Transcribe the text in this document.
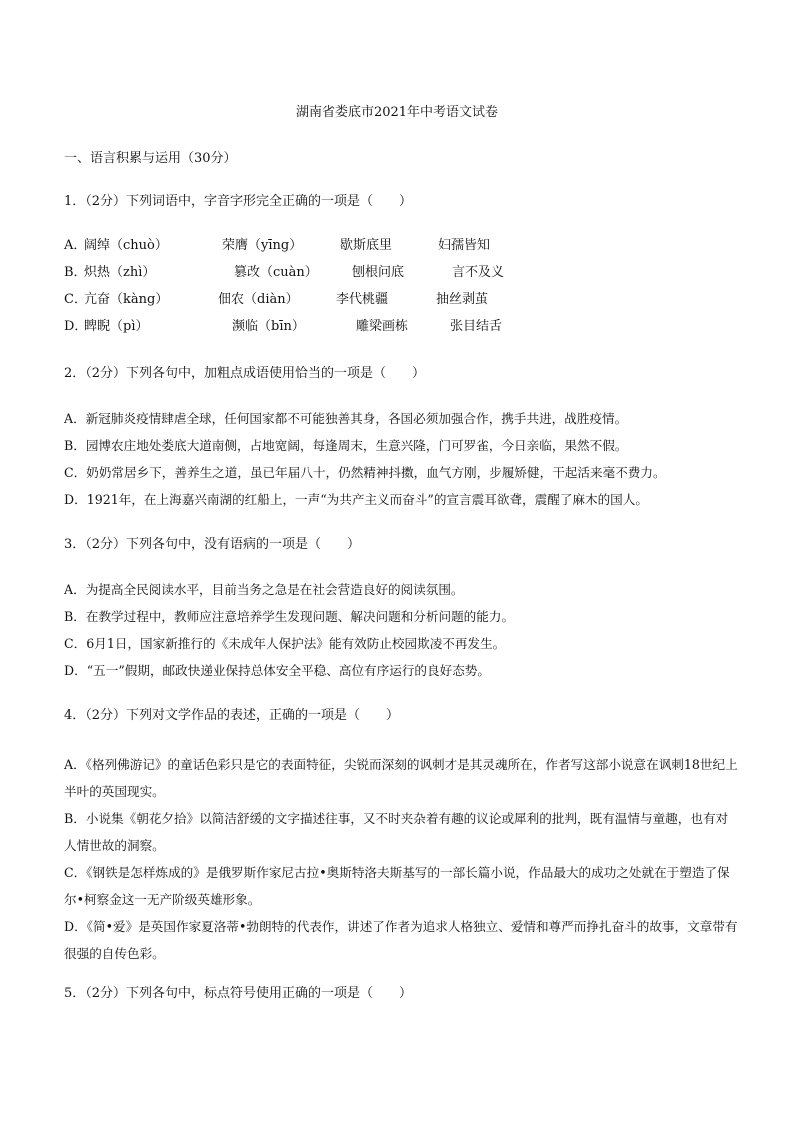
湖南省娄底市2021年中考语文试卷
一、语言积累与运用（30分）
1．（2分）下列词语中，字音字形完全正确的一项是（　　）
A．
阔绰（chuò）	荣膺（yīng）	歇斯底里	妇孺皆知
B．
炽热（zhì）	篡改（cuàn）	刨根问底	言不及义
C．
亢奋（kàng）	佃农（diàn）	李代桃疆	抽丝剥茧
D．
睥睨（pì）	濒临（bīn）	雕梁画栋	张目结舌
2．（2分）下列各句中，加粗点成语使用恰当的一项是（　　）
A．新冠肺炎疫情肆虐全球，任何国家都不可能独善其身，各国必须加强合作，携手共进，战胜疫情。
B．园博农庄地处娄底大道南侧，占地宽阔，每逢周末，生意兴隆，门可罗雀，今日亲临，果然不假。
C．奶奶常居乡下，善养生之道，虽已年届八十，仍然精神抖擞，血气方刚，步履矫健，干起活来毫不费力。
D．1921年，在上海嘉兴南湖的红船上，一声“为共产主义而奋斗”的宣言震耳欲聋，震醒了麻木的国人。
3．（2分）下列各句中，没有语病的一项是（　　）
A．为提高全民阅读水平，目前当务之急是在社会营造良好的阅读氛围。
B．在教学过程中，教师应注意培养学生发现问题、解决问题和分析问题的能力。
C．6月1日，国家新推行的《未成年人保护法》能有效防止校园欺凌不再发生。
D．“五一”假期，邮政快递业保持总体安全平稳、高位有序运行的良好态势。
4．（2分）下列对文学作品的表述，正确的一项是（　　）
A．《格列佛游记》的童话色彩只是它的表面特征，尖锐而深刻的讽刺才是其灵魂所在，作者写这部小说意在讽刺18世纪上半叶的英国现实。
B．小说集《朝花夕拾》以简洁舒缓的文字描述往事，又不时夹杂着有趣的议论或犀利的批判，既有温情与童趣，也有对人情世故的洞察。
C．《钢铁是怎样炼成的》是俄罗斯作家尼古拉•奥斯特洛夫斯基写的一部长篇小说，作品最大的成功之处就在于塑造了保尔•柯察金这一无产阶级英雄形象。
D．《简•爱》是英国作家夏洛蒂•勃朗特的代表作，讲述了作者为追求人格独立、爱情和尊严而挣扎奋斗的故事，文章带有很强的自传色彩。
5．（2分）下列各句中，标点符号使用正确的一项是（　　）
